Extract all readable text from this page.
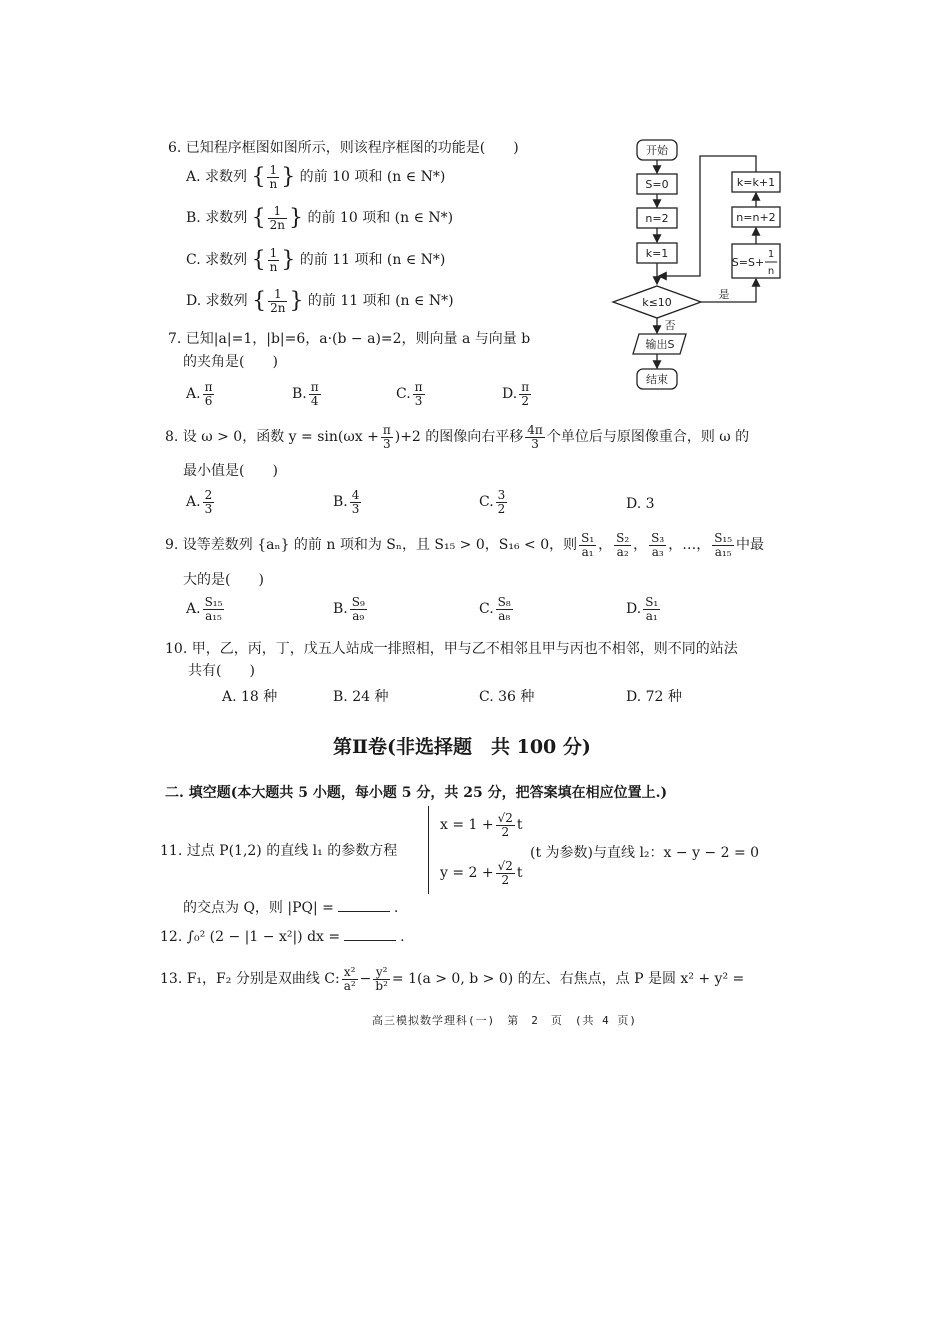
6. 已知程序框图如图所示，则该程序框图的功能是(　　)
A. 求数列 { $\frac{1}{n}$ } 的前 10 项和 (n ∈ N*)
B. 求数列 { $\frac{1}{2n}$ } 的前 10 项和 (n ∈ N*)
C. 求数列 { $\frac{1}{n}$ } 的前 11 项和 (n ∈ N*)
D. 求数列 { $\frac{1}{2n}$ } 的前 11 项和 (n ∈ N*)
开始
S=0
n=2
k=1
k≤10
输出S
结束
k=k+1
n=n+2
S=S+
1
n
是
否
7. 已知|a|=1，|b|=6，a·(b − a)=2，则向量 a 与向量 b
的夹角是(　　)
A. $\frac{\pi}{6}$	B. $\frac{\pi}{4}$	C. $\frac{\pi}{3}$	D. $\frac{\pi}{2}$
8. 设 ω > 0，函数 $y = \sin(\omega x + \frac{\pi}{3} )+2$ 的图像向右平移 $\frac{4\pi}{3}$ 个单位后与原图像重合，则 ω 的
最小值是(　　)
A. $\frac{2}{3}$	B. $\frac{4}{3}$	C. $\frac{3}{2}$	D. 3
9. 设等差数列 {aₙ} 的前 n 项和为 Sₙ，且 S₁₅ > 0，S₁₆ < 0，则 $\frac{\text{S₁}}{\text{a₁}}$ ， $\frac{\text{S₂}}{\text{a₂}}$ ， $\frac{\text{S₃}}{\text{a₃}}$ ，…， $\frac{\text{S₁₅}}{\text{a₁₅}}$ 中最
大的是(　　)
A. $\frac{\text{S₁₅}}{\text{a₁₅}}$	B. $\frac{\text{S₉}}{\text{a₉}}$	C. $\frac{\text{S₈}}{\text{a₈}}$	D. $\frac{\text{S₁}}{\text{a₁}}$
10. 甲，乙，丙，丁，戊五人站成一排照相，甲与乙不相邻且甲与丙也不相邻，则不同的站法
共有(　　)
A. 18 种	B. 24 种	C. 36 种	D. 72 种
第Ⅱ卷(非选择题　共 100 分)
二. 填空题(本大题共 5 小题，每小题 5 分，共 25 分，把答案填在相应位置上.)
11. 过点 P(1,2) 的直线 l₁ 的参数方程
$x = 1 + \frac{√2}{2}$ t
$y = 2 + \frac{√2}{2}$ t
(t 为参数)与直线 l₂：x − y − 2 = 0
的交点为 Q，则 |PQ| =	.
12. ∫₀² (2 − |1 − x²|) dx =	.
13. F₁，F₂ 分别是双曲线 C: $\frac{\text{x²}}{\text{a²}} - \frac{\text{y²}}{\text{b²}} = 1(a > 0$, b > 0) 的左、右焦点，点 P 是圆 x² + y² =
高三模拟数学理科(一)　第　2　页　(共 4 页)
